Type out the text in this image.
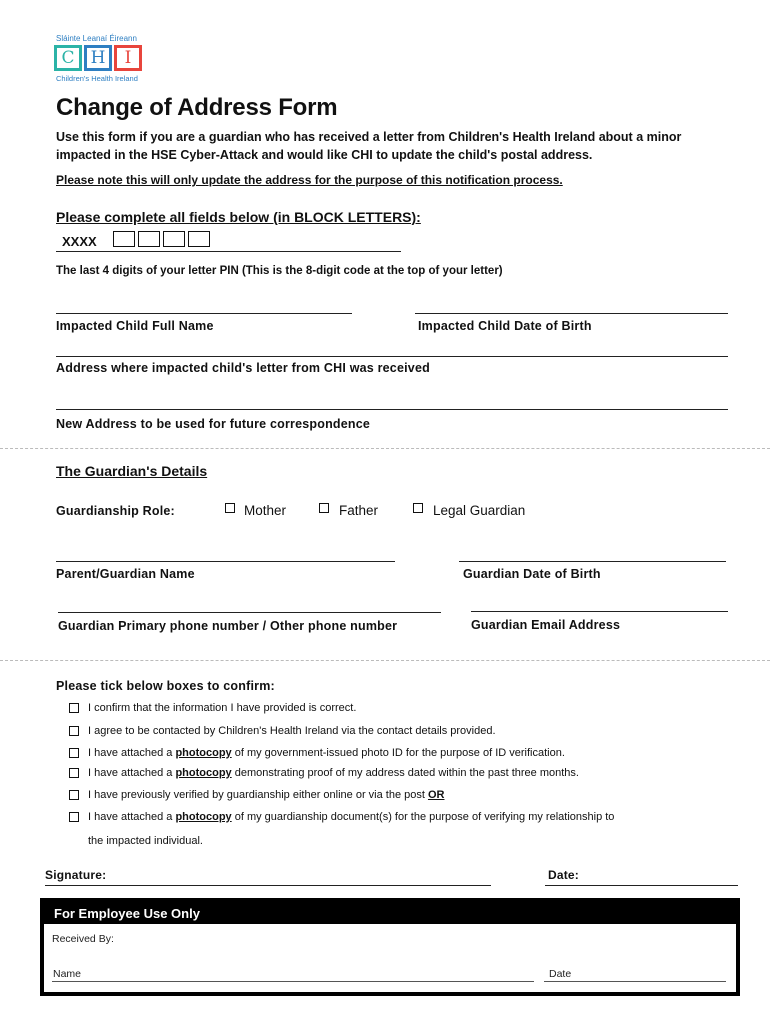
Sláinte Leanaí Éireann
C H	I
Children's Health Ireland
Change of Address Form
Use this form if you are a guardian who has received a letter from Children's Health Ireland about a minor impacted in the HSE Cyber-Attack and would like CHI to update the child's postal address.
Please note this will only update the address for the purpose of this notification process.
Please complete all fields below (in BLOCK LETTERS):
XXXX
The last 4 digits of your letter PIN (This is the 8-digit code at the top of your letter)
Impacted Child Full Name	Impacted Child Date of Birth
Address where impacted child's letter from CHI was received
New Address to be used for future correspondence
The Guardian's Details
Guardianship Role:	Mother	Father	Legal Guardian
Parent/Guardian Name	Guardian Date of Birth
Guardian Primary phone number / Other phone number	Guardian Email Address
Please tick below boxes to confirm:
I confirm that the information I have provided is correct.
I agree to be contacted by Children's Health Ireland via the contact details provided.
I have attached a photocopy of my government-issued photo ID for the purpose of ID verification.
I have attached a photocopy demonstrating proof of my address dated within the past three months.
I have previously verified by guardianship either online or via the post OR
I have attached a photocopy of my guardianship document(s) for the purpose of verifying my relationship to
the impacted individual.
Signature:	Date:
For Employee Use Only
Received By:
Name	Date
